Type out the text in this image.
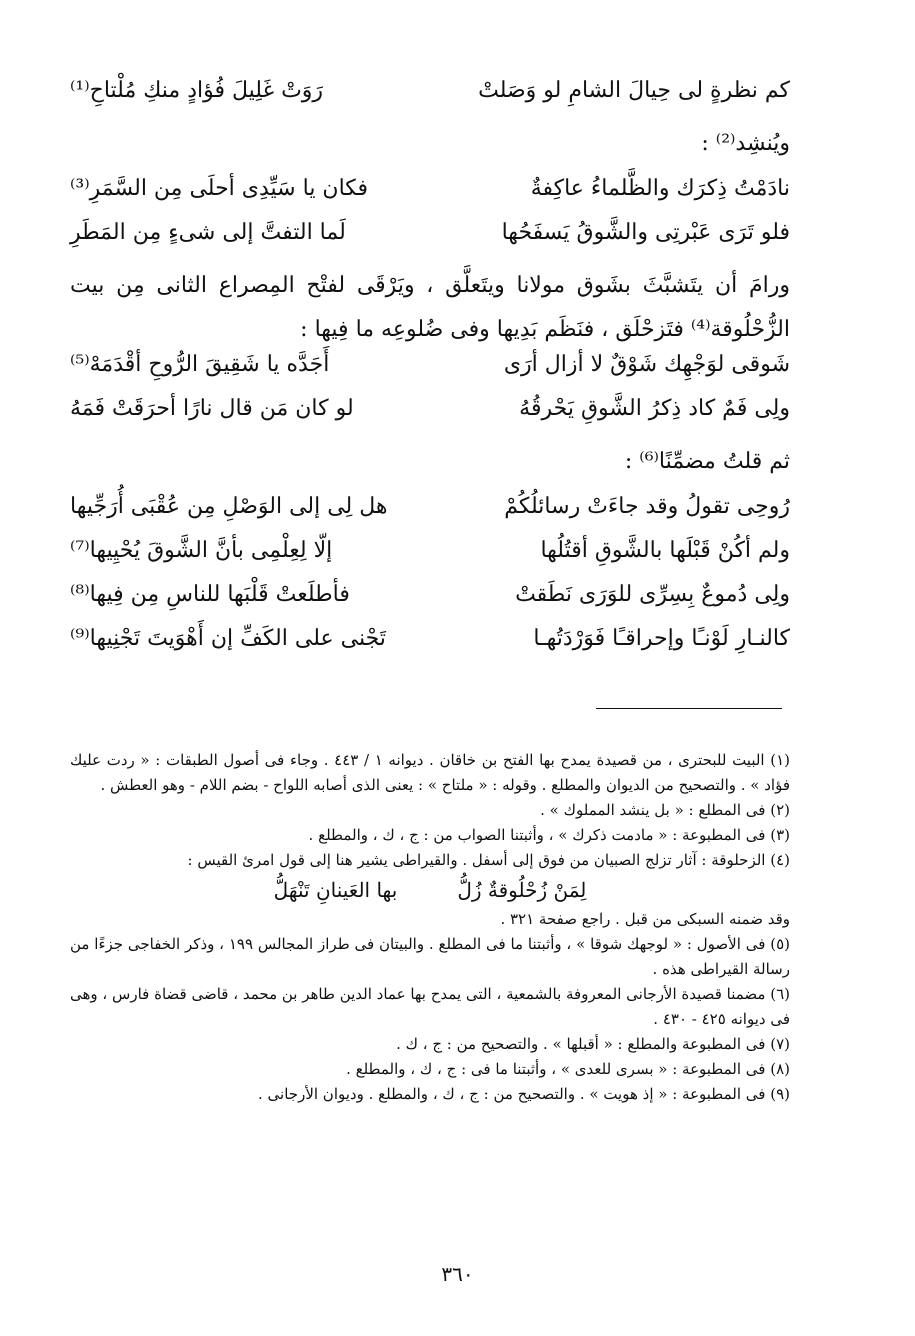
كم نظرةٍ لى حِيالَ الشامِ لو وَصَلتْ
رَوَتْ غَلِيلَ فُؤادٍ منكِ مُلْتاحِ⁽¹⁾

ويُنشِد⁽²⁾ :

نادَمْتُ ذِكرَك والظَّلماءُ عاكِفةٌ
فكان يا سَيِّدِى أحلَى مِن السَّمَرِ⁽³⁾
فلو تَرَى عَبْرتِى والشَّوقُ يَسفَحُها
لَما التفتَّ إلى شىءٍ مِن المَطَرِ

ورامَ أن يتَشبَّثَ بشَوق مولانا ويتَعلَّق ، ويَرْقَى لفتْح المِصراع الثانى مِن بيت الزُّحْلُوقة⁽⁴⁾ فتَزحْلَق ، فنَظَم بَدِيها وفى ضُلوعِه ما فِيها :

شَوقى لوَجْهِك شَوْقٌ لا أزال أرَى
أَجَدَّه يا شَقِيقَ الرُّوحِ أقْدَمَهْ⁽⁵⁾
ولِى فَمٌ كاد ذِكرُ الشَّوقِ يَحْرقُهُ
لو كان مَن قال نارًا أحرَقَتْ فَمَهُ

ثم قلتُ مضمِّنًا⁽⁶⁾ :

رُوحِى تقولُ وقد جاءَتْ رسائلُكُمْ
هل لِى إلى الوَصْلِ مِن عُقْبَى أُرَجِّيها
ولم أكُنْ قَبْلَها بالشَّوقِ أقتُلُها
إلّا لِعِلْمِى بأنَّ الشَّوقَ يُحْيِيها⁽⁷⁾
ولِى دُموعٌ بِسِرِّى للوَرَى نَطَقتْ
فأطلَعتْ قَلْبَها للناسِ مِن فِيها⁽⁸⁾
كالنـارِ لَوْنـًا وإحراقـًا فَوَرْدَتُهـا
تَجْنى على الكَفِّ إن أَهْوَيتَ تَجْنِيها⁽⁹⁾

(١) البيت للبحترى ، من قصيدة يمدح بها الفتح بن خاقان . ديوانه ١ / ٤٤٣ . وجاء فى أصول الطبقات : « ردت عليك فؤاد » . والتصحيح من الديوان والمطلع . وقوله : « ملتاح » : يعنى الذى أصابه اللواح - بضم اللام - وهو العطش .

(٢) فى المطلع : « بل ينشد المملوك » .

(٣) فى المطبوعة : « مادمت ذكرك » ، وأثبتنا الصواب من : ج ، ك ، والمطلع .

(٤) الزحلوقة : آثار تزلج الصبيان من فوق إلى أسفل . والقيراطى يشير هنا إلى قول امرئ القيس :

لِمَنْ زُحْلُوقةٌ زُلُّ
بها العَينانِ تَنْهَلُّ

وقد ضمنه السبكى من قبل . راجع صفحة ٣٢١ .

(٥) فى الأصول : « لوجهك شوقا » ، وأثبتنا ما فى المطلع . والبيتان فى طراز المجالس ١٩٩ ، وذكر الخفاجى جزءًا من رسالة القيراطى هذه .

(٦) مضمنا قصيدة الأرجانى المعروفة بالشمعية ، التى يمدح بها عماد الدين طاهر بن محمد ، قاضى قضاة فارس ، وهى فى ديوانه ٤٢٥ - ٤٣٠ .

(٧) فى المطبوعة والمطلع : « أقبلها » . والتصحيح من : ج ، ك .

(٨) فى المطبوعة : « بسرى للعدى » ، وأثبتنا ما فى : ج ، ك ، والمطلع .

(٩) فى المطبوعة : « إذ هويت » . والتصحيح من : ج ، ك ، والمطلع . وديوان الأرجانى .

٣٦٠
